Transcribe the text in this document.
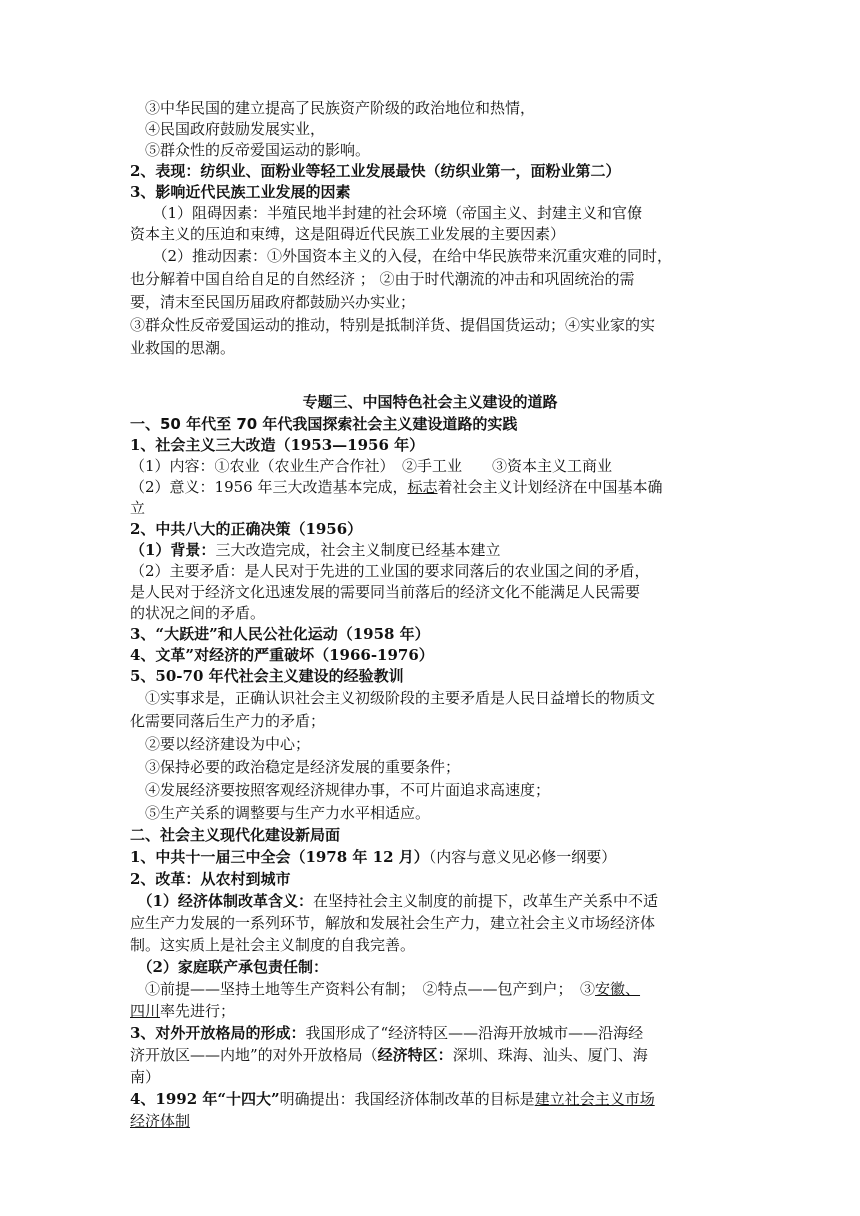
　③中华民国的建立提高了民族资产阶级的政治地位和热情，

　④民国政府鼓励发展实业，

　⑤群众性的反帝爱国运动的影响。

2、表现：纺织业、面粉业等轻工业发展最快（纺织业第一，面粉业第二）

3、影响近代民族工业发展的因素

　　（1）阻碍因素：半殖民地半封建的社会环境（帝国主义、封建主义和官僚

资本主义的压迫和束缚，这是阻碍近代民族工业发展的主要因素）

　　（2）推动因素：①外国资本主义的入侵，在给中华民族带来沉重灾难的同时，

也分解着中国自给自足的自然经济 ； ②由于时代潮流的冲击和巩固统治的需

要，清末至民国历届政府都鼓励兴办实业；

③群众性反帝爱国运动的推动，特别是抵制洋货、提倡国货运动；④实业家的实

业救国的思潮。

专题三、中国特色社会主义建设的道路

一、50 年代至 70 年代我国探索社会主义建设道路的实践

1、社会主义三大改造（1953—1956 年）

（1）内容：①农业（农业生产合作社）　②手工业　　③资本主义工商业

（2）意义：1956 年三大改造基本完成，标志着社会主义计划经济在中国基本确

立

2、中共八大的正确决策（1956）

（1）背景：三大改造完成，社会主义制度已经基本建立

（2）主要矛盾：是人民对于先进的工业国的要求同落后的农业国之间的矛盾，

是人民对于经济文化迅速发展的需要同当前落后的经济文化不能满足人民需要

的状况之间的矛盾。

3、“大跃进”和人民公社化运动（1958 年）

4、文革”对经济的严重破坏（1966-1976）

5、50-70 年代社会主义建设的经验教训

　①实事求是，正确认识社会主义初级阶段的主要矛盾是人民日益增长的物质文

化需要同落后生产力的矛盾；

　②要以经济建设为中心；

　③保持必要的政治稳定是经济发展的重要条件；

　④发展经济要按照客观经济规律办事，不可片面追求高速度；

　⑤生产关系的调整要与生产力水平相适应。

二、社会主义现代化建设新局面

1、中共十一届三中全会（1978 年 12 月）（内容与意义见必修一纲要）

2、改革：从农村到城市

　（1）经济体制改革含义：在坚持社会主义制度的前提下，改革生产关系中不适

应生产力发展的一系列环节，解放和发展社会生产力，建立社会主义市场经济体

制。这实质上是社会主义制度的自我完善。

　（2）家庭联产承包责任制：

　①前提——坚持土地等生产资料公有制；　②特点——包产到户；　③安徽、

四川率先进行；

3、对外开放格局的形成：我国形成了“经济特区——沿海开放城市——沿海经

济开放区——内地”的对外开放格局（经济特区：深圳、珠海、汕头、厦门、海

南）

4、1992 年“十四大”明确提出：我国经济体制改革的目标是建立社会主义市场

经济体制
